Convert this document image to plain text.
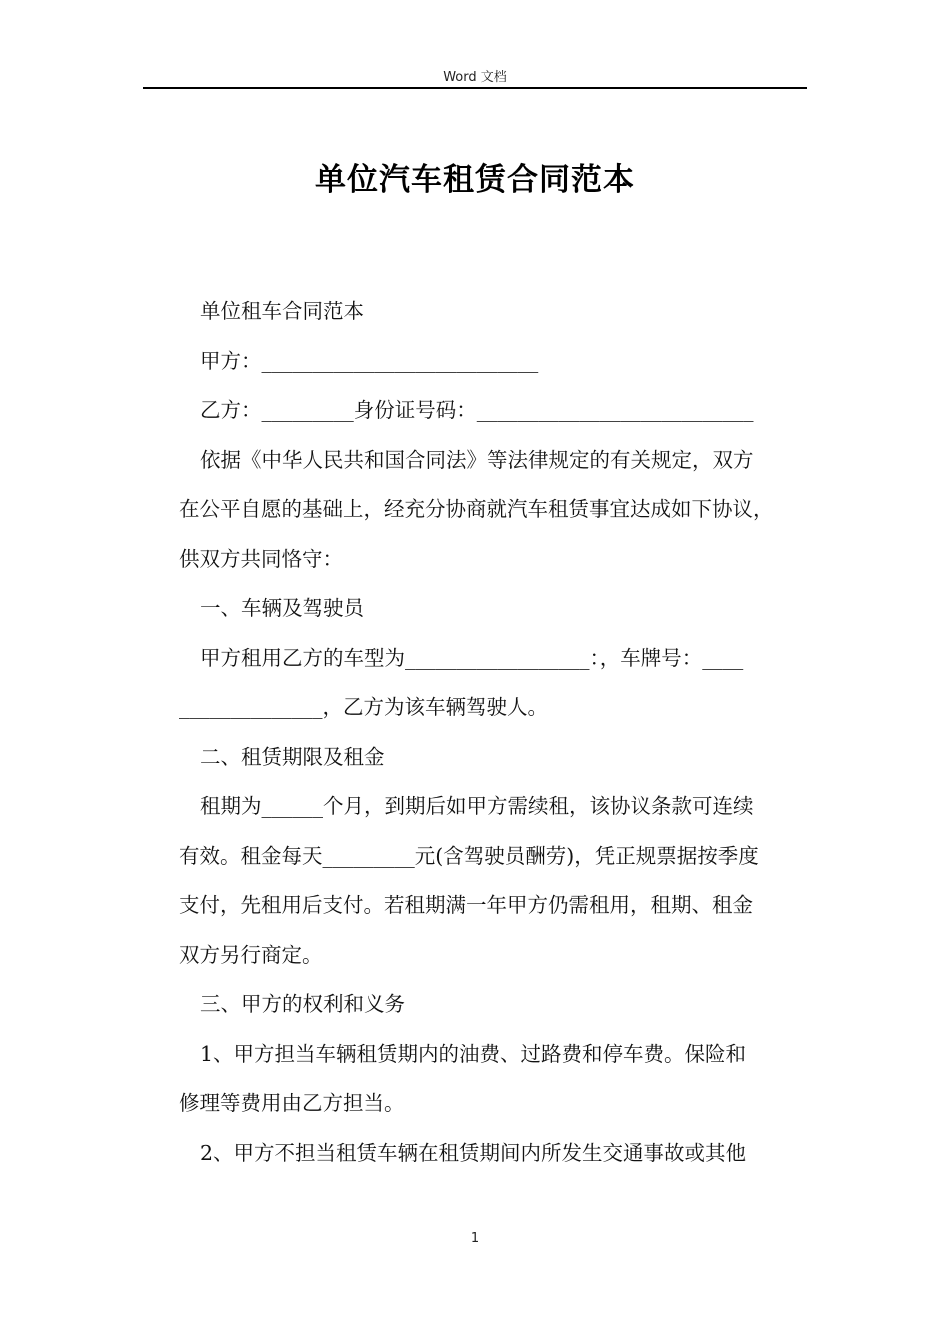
Word 文档
单位汽车租赁合同范本

单位租车合同范本

甲方：___________________________

乙方：_________身份证号码：___________________________

依据《中华人民共和国合同法》等法律规定的有关规定，双方
在公平自愿的基础上，经充分协商就汽车租赁事宜达成如下协议，
供双方共同恪守：

一、车辆及驾驶员

甲方租用乙方的车型为__________________：，车牌号：____
______________，乙方为该车辆驾驶人。

二、租赁期限及租金

租期为______个月，到期后如甲方需续租，该协议条款可连续
有效。租金每天_________元(含驾驶员酬劳)，凭正规票据按季度
支付，先租用后支付。若租期满一年甲方仍需租用，租期、租金
双方另行商定。

三、甲方的权利和义务

1、甲方担当车辆租赁期内的油费、过路费和停车费。保险和
修理等费用由乙方担当。

2、甲方不担当租赁车辆在租赁期间内所发生交通事故或其他

1
